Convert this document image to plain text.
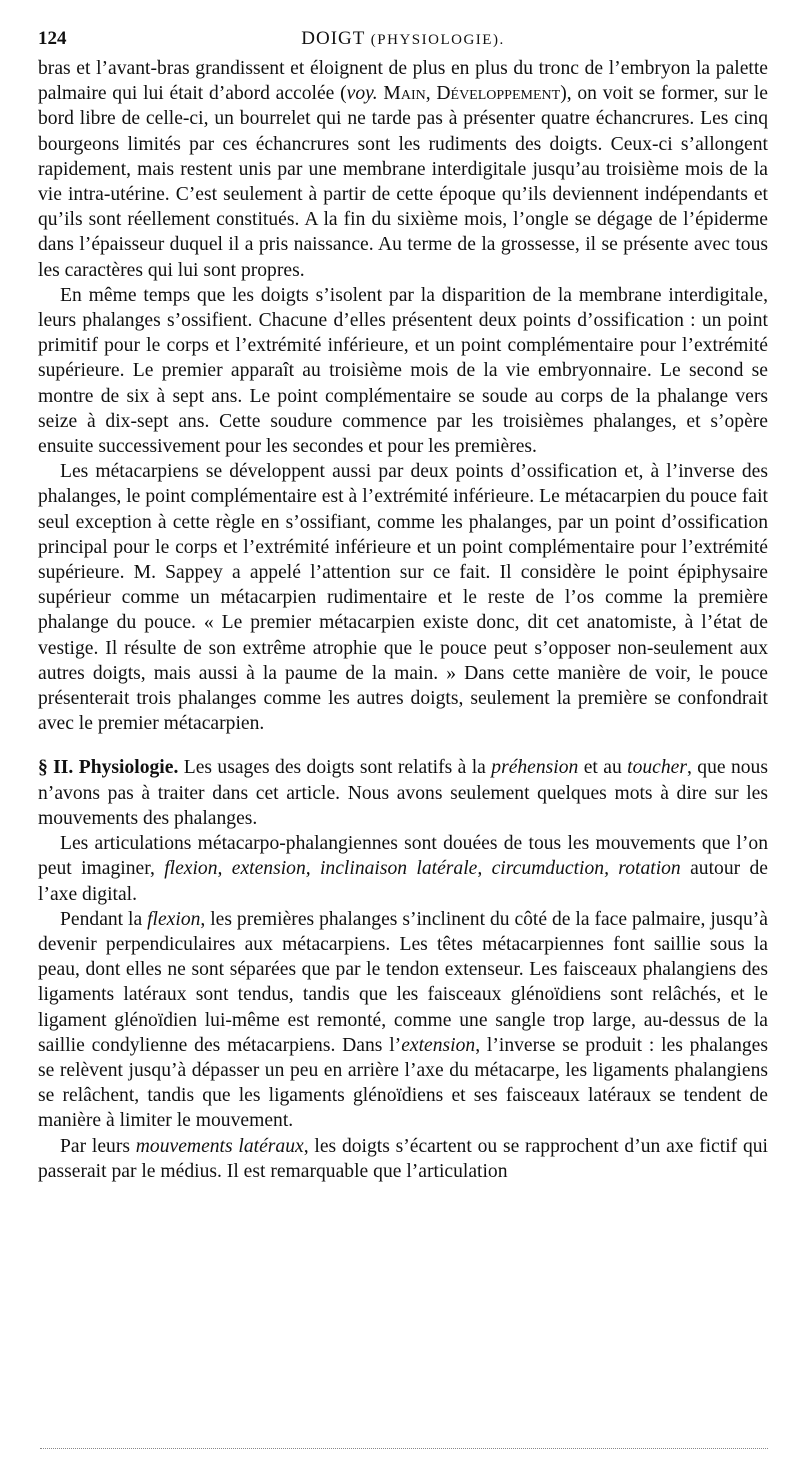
124	DOIGT (PHYSIOLOGIE).

bras et l’avant-bras grandissent et éloignent de plus en plus du tronc de l’embryon la palette palmaire qui lui était d’abord accolée (voy. Main, Développement), on voit se former, sur le bord libre de celle-ci, un bourrelet qui ne tarde pas à présenter quatre échancrures. Les cinq bourgeons limités par ces échancrures sont les rudiments des doigts. Ceux-ci s’allongent rapidement, mais restent unis par une membrane interdigitale jusqu’au troisième mois de la vie intra-utérine. C’est seulement à partir de cette époque qu’ils deviennent indépendants et qu’ils sont réellement constitués. A la fin du sixième mois, l’ongle se dégage de l’épiderme dans l’épaisseur duquel il a pris naissance. Au terme de la grossesse, il se présente avec tous les caractères qui lui sont propres.

En même temps que les doigts s’isolent par la disparition de la membrane interdigitale, leurs phalanges s’ossifient. Chacune d’elles présentent deux points d’ossification : un point primitif pour le corps et l’extrémité inférieure, et un point complémentaire pour l’extrémité supérieure. Le premier apparaît au troisième mois de la vie embryonnaire. Le second se montre de six à sept ans. Le point complémentaire se soude au corps de la phalange vers seize à dix-sept ans. Cette soudure commence par les troisièmes phalanges, et s’opère ensuite successivement pour les secondes et pour les premières.

Les métacarpiens se développent aussi par deux points d’ossification et, à l’inverse des phalanges, le point complémentaire est à l’extrémité inférieure. Le métacarpien du pouce fait seul exception à cette règle en s’ossifiant, comme les phalanges, par un point d’ossification principal pour le corps et l’extrémité inférieure et un point complémentaire pour l’extrémité supérieure. M. Sappey a appelé l’attention sur ce fait. Il considère le point épiphysaire supérieur comme un métacarpien rudimentaire et le reste de l’os comme la première phalange du pouce. « Le premier métacarpien existe donc, dit cet anatomiste, à l’état de vestige. Il résulte de son extrême atrophie que le pouce peut s’opposer non-seulement aux autres doigts, mais aussi à la paume de la main. » Dans cette manière de voir, le pouce présenterait trois phalanges comme les autres doigts, seulement la première se confondrait avec le premier métacarpien.

§ II. Physiologie. Les usages des doigts sont relatifs à la préhension et au toucher, que nous n’avons pas à traiter dans cet article. Nous avons seulement quelques mots à dire sur les mouvements des phalanges.

Les articulations métacarpo-phalangiennes sont douées de tous les mouvements que l’on peut imaginer, flexion, extension, inclinaison latérale, circumduction, rotation autour de l’axe digital.

Pendant la flexion, les premières phalanges s’inclinent du côté de la face palmaire, jusqu’à devenir perpendiculaires aux métacarpiens. Les têtes métacarpiennes font saillie sous la peau, dont elles ne sont séparées que par le tendon extenseur. Les faisceaux phalangiens des ligaments latéraux sont tendus, tandis que les faisceaux glénoïdiens sont relâchés, et le ligament glénoïdien lui-même est remonté, comme une sangle trop large, au-dessus de la saillie condylienne des métacarpiens. Dans l’extension, l’inverse se produit : les phalanges se relèvent jusqu’à dépasser un peu en arrière l’axe du métacarpe, les ligaments phalangiens se relâchent, tandis que les ligaments glénoïdiens et ses faisceaux latéraux se tendent de manière à limiter le mouvement.

Par leurs mouvements latéraux, les doigts s’écartent ou se rapprochent d’un axe fictif qui passerait par le médius. Il est remarquable que l’articulation
